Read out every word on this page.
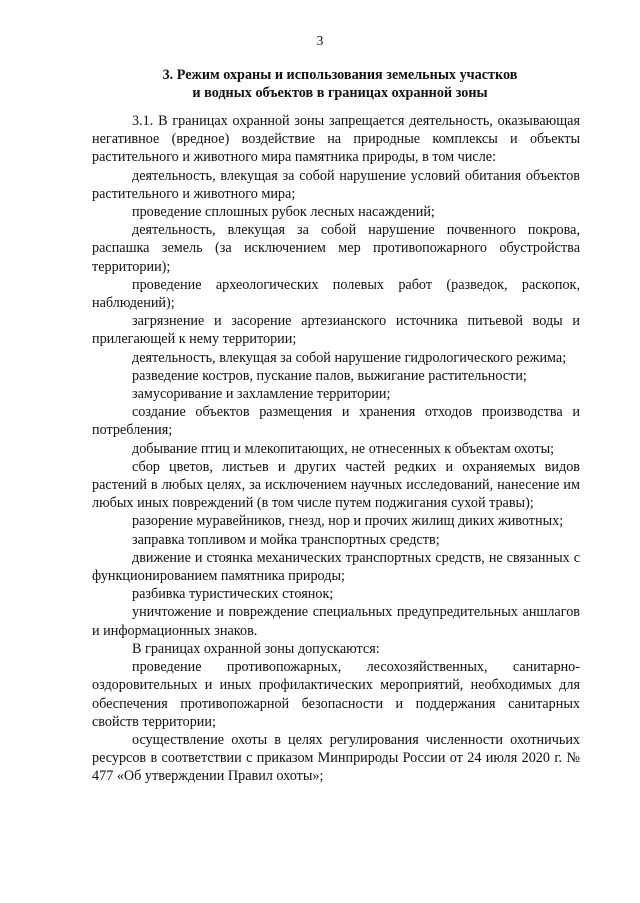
3
3. Режим охраны и использования земельных участков
и водных объектов в границах охранной зоны

3.1. В границах охранной зоны запрещается деятельность, оказывающая негативное (вредное) воздействие на природные комплексы и объекты растительного и животного мира памятника природы, в том числе:

деятельность, влекущая за собой нарушение условий обитания объектов растительного и животного мира;

проведение сплошных рубок лесных насаждений;

деятельность, влекущая за собой нарушение почвенного покрова, распашка земель (за исключением мер противопожарного обустройства территории);

проведение археологических полевых работ (разведок, раскопок, наблюдений);

загрязнение и засорение артезианского источника питьевой воды и прилегающей к нему территории;

деятельность, влекущая за собой нарушение гидрологического режима;

разведение костров, пускание палов, выжигание растительности;

замусоривание и захламление территории;

создание объектов размещения и хранения отходов производства и потребления;

добывание птиц и млекопитающих, не отнесенных к объектам охоты;

сбор цветов, листьев и других частей редких и охраняемых видов растений в любых целях, за исключением научных исследований, нанесение им любых иных повреждений (в том числе путем поджигания сухой травы);

разорение муравейников, гнезд, нор и прочих жилищ диких животных;

заправка топливом и мойка транспортных средств;

движение и стоянка механических транспортных средств, не связанных с функционированием памятника природы;

разбивка туристических стоянок;

уничтожение и повреждение специальных предупредительных аншлагов и информационных знаков.

В границах охранной зоны допускаются:

проведение противопожарных, лесохозяйственных, санитарно-оздоровительных и иных профилактических мероприятий, необходимых для обеспечения противопожарной безопасности и поддержания санитарных свойств территории;

осуществление охоты в целях регулирования численности охотничьих ресурсов в соответствии с приказом Минприроды России от 24 июля 2020 г. № 477 «Об утверждении Правил охоты»;
